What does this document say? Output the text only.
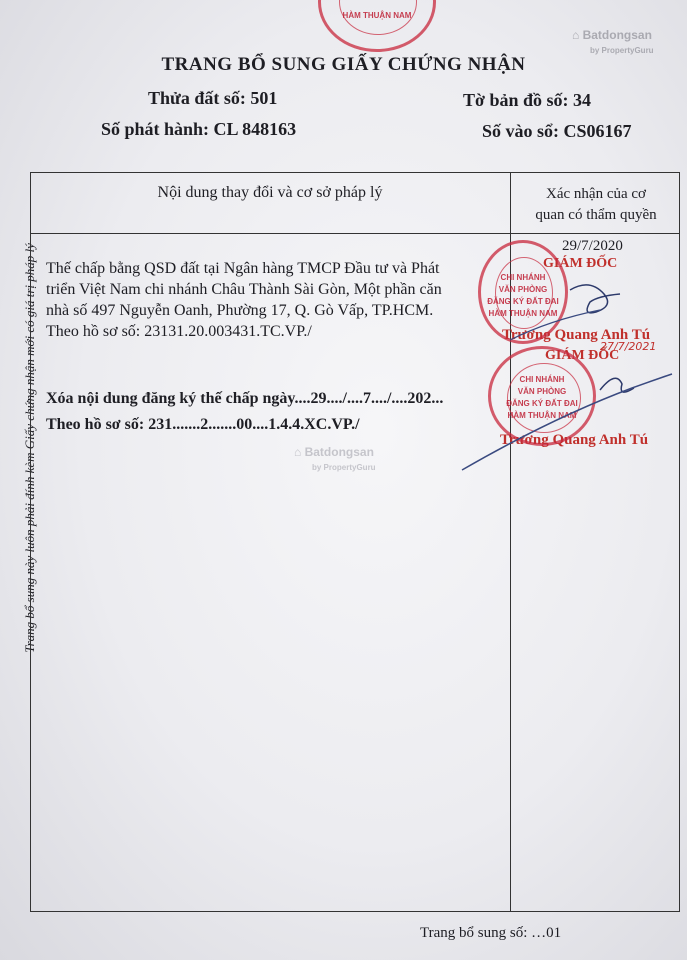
HÀM THUẬN NAM
⌂ Batdongsan
by PropertyGuru
TRANG BỔ SUNG GIẤY CHỨNG NHẬN
Thửa đất số: 501	Tờ bản đồ số: 34
Số phát hành: CL 848163	Số vào sổ: CS06167
Trang bổ sung này luôn phải đính kèm Giấy chứng nhận mới có giá trị pháp lý
Nội dung thay đổi và cơ sở pháp lý	Xác nhận của cơ
quan có thẩm quyền
Thế chấp bằng QSD đất tại Ngân hàng TMCP Đầu tư và Phát
triển Việt Nam chi nhánh Châu Thành Sài Gòn, Một phần căn
nhà số 497 Nguyễn Oanh, Phường 17, Q. Gò Vấp, TP.HCM.
Theo hồ sơ số: 23131.20.003431.TC.VP./
29/7/2020
GIÁM ĐỐC
Trương Quang Anh Tú
CHI NHÁNH
VĂN PHÒNG
ĐĂNG KÝ ĐẤT ĐAI
HÀM THUẬN NAM
Xóa nội dung đăng ký thế chấp ngày....29..../....7..../....202...
Theo hồ sơ số: 231.......2.......00....1.4.4.XC.VP./
GIÁM ĐỐC
27/7/2021
Trương Quang Anh Tú
CHI NHÁNH
VĂN PHÒNG
ĐĂNG KÝ ĐẤT ĐAI
HÀM THUẬN NAM
⌂ Batdongsan
by PropertyGuru
Trang bổ sung số: …01
